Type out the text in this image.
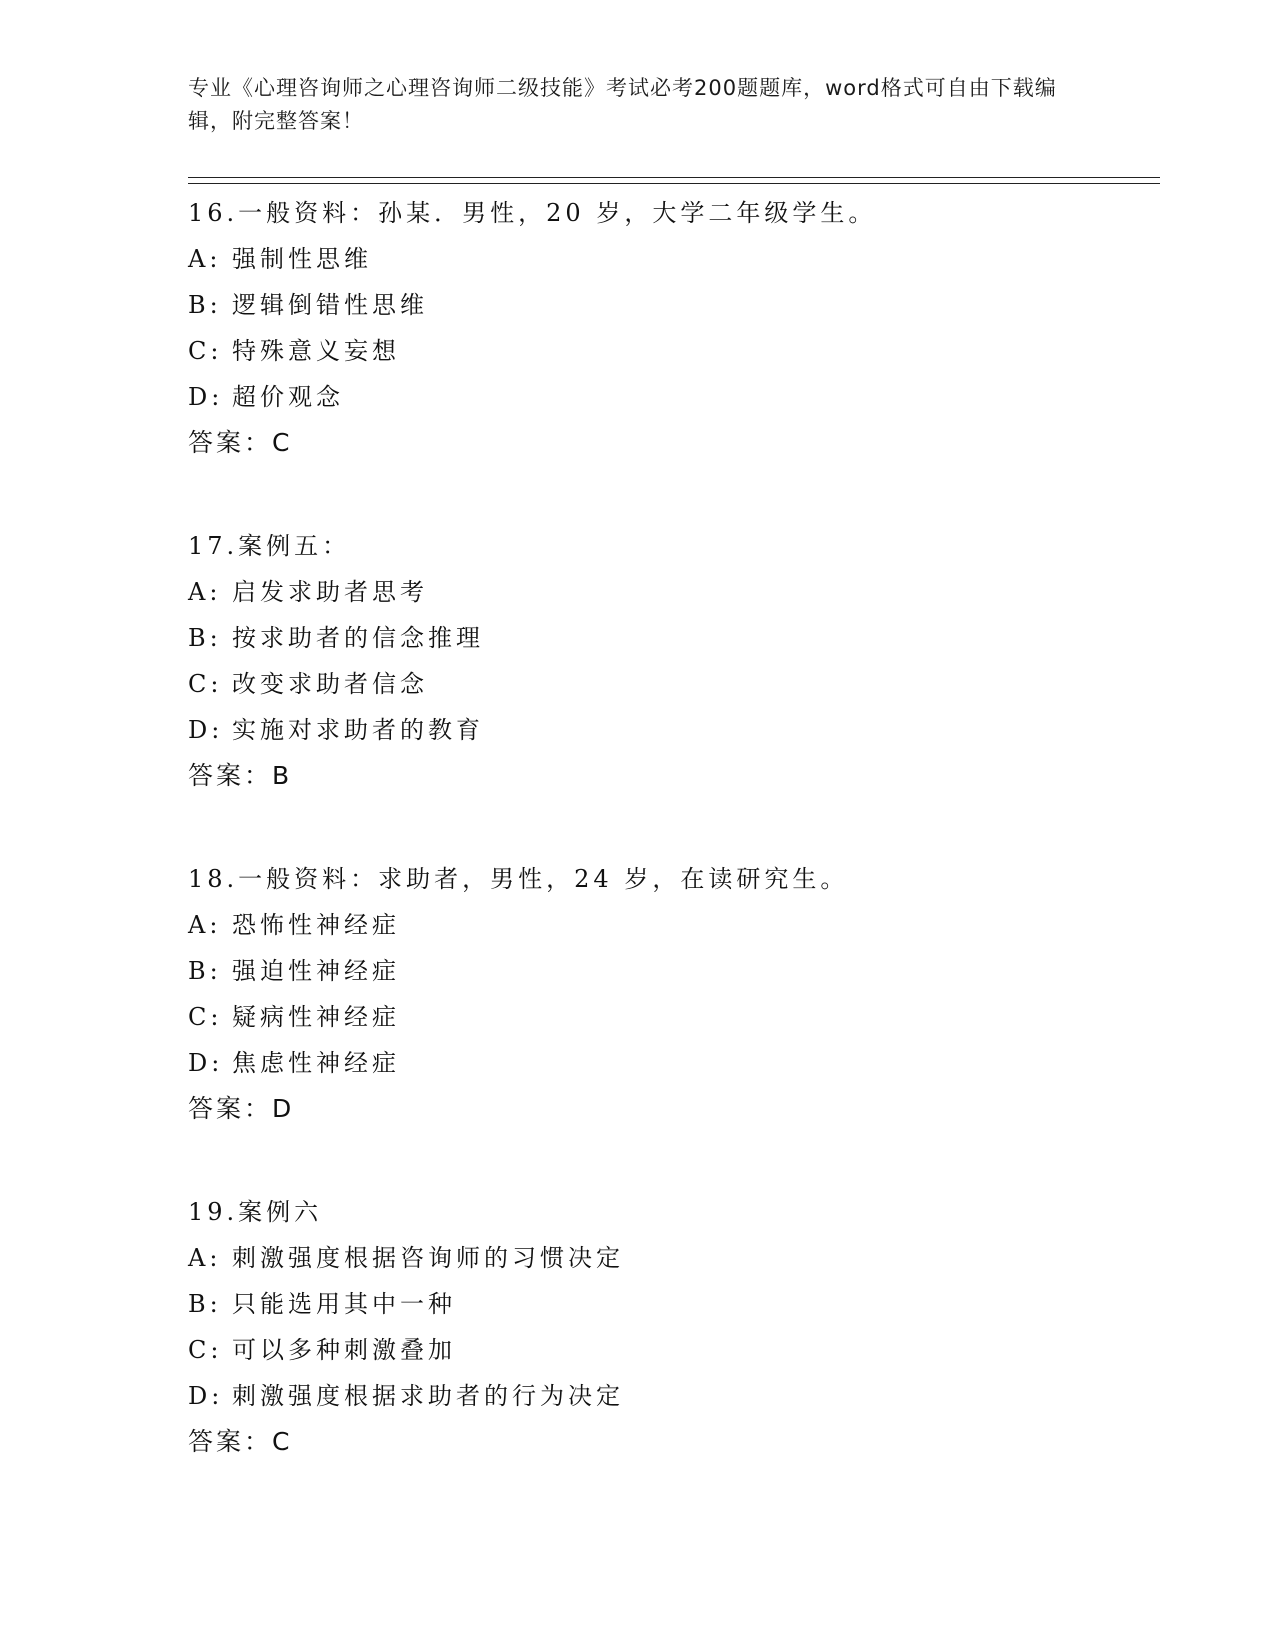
专业《心理咨询师之心理咨询师二级技能》考试必考200题题库，word格式可自由下载编辑，附完整答案！
16.一般资料：孙某．男性，20 岁，大学二年级学生。
A: 强制性思维
B: 逻辑倒错性思维
C: 特殊意义妄想
D: 超价观念
答案：C
17.案例五：
A: 启发求助者思考
B: 按求助者的信念推理
C: 改变求助者信念
D: 实施对求助者的教育
答案：B
18.一般资料：求助者，男性，24 岁，在读研究生。
A: 恐怖性神经症
B: 强迫性神经症
C: 疑病性神经症
D: 焦虑性神经症
答案：D
19.案例六
A: 刺激强度根据咨询师的习惯决定
B: 只能选用其中一种
C: 可以多种刺激叠加
D: 刺激强度根据求助者的行为决定
答案：C
